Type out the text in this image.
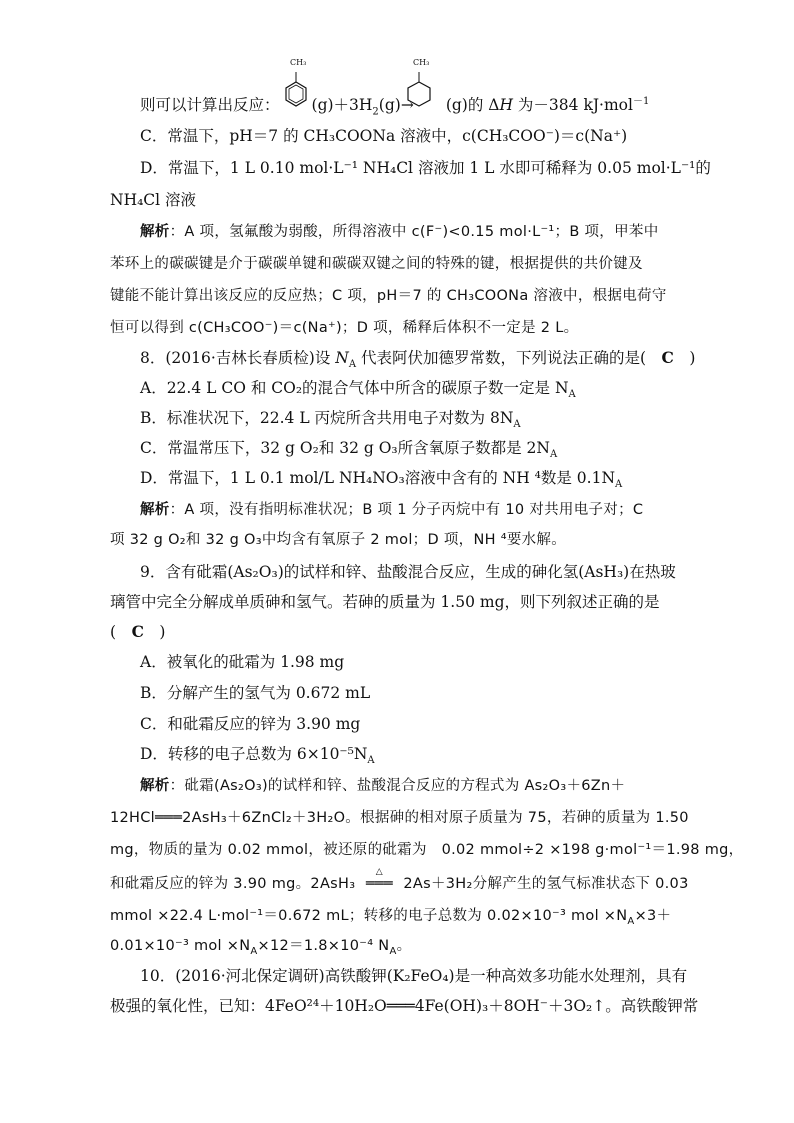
CH₃	CH₃
则可以计算出反应： $(g)+3H_2(g)\to (g)$的 ΔH 为－384 kJ·mol$^{-1}$
C．常温下，pH＝7 的 CH₃COONa 溶液中，c(CH₃COO⁻)＝c(Na⁺)
D．常温下，1 L 0.10 mol·L⁻¹ NH₄Cl 溶液加 1 L 水即可稀释为 0.05 mol·L⁻¹的
NH₄Cl 溶液
解析：A 项，氢氟酸为弱酸，所得溶液中 c(F⁻)<0.15 mol·L⁻¹；B 项，甲苯中
苯环上的碳碳键是介于碳碳单键和碳碳双键之间的特殊的键，根据提供的共价键及
键能不能计算出该反应的反应热；C 项，pH＝7 的 CH₃COONa 溶液中，根据电荷守
恒可以得到 c(CH₃COO⁻)＝c(Na⁺)；D 项，稀释后体积不一定是 2 L。
8．(2016·吉林长春质检)设 $N_A$ 代表阿伏加德罗常数，下列说法正确的是(　C　)
A．22.4 L CO 和 CO₂的混合气体中所含的碳原子数一定是 $N_A$
B．标准状况下，22.4 L 丙烷所含共用电子对数为 $8N_A$
C．常温常压下，32 g O₂和 32 g O₃所含氧原子数都是 $2N_A$
D．常温下，1 L 0.1 mol/L NH₄NO₃溶液中含有的 NH ⁴数是 $0.1N_A$
解析：A 项，没有指明标准状况；B 项 1 分子丙烷中有 10 对共用电子对；C
项 32 g O₂和 32 g O₃中均含有氧原子 2 mol；D 项，NH ⁴要水解。
9．含有砒霜(As₂O₃)的试样和锌、盐酸混合反应，生成的砷化氢(AsH₃)在热玻
璃管中完全分解成单质砷和氢气。若砷的质量为 1.50 mg，则下列叙述正确的是
(　C　)
A．被氧化的砒霜为 1.98 mg
B．分解产生的氢气为 0.672 mL
C．和砒霜反应的锌为 3.90 mg
D．转移的电子总数为 $6\times 10^{-5}N_A$
解析：砒霜(As₂O₃)的试样和锌、盐酸混合反应的方程式为 As₂O₃＋6Zn＋
12HCl═══2AsH₃＋6ZnCl₂＋3H₂O。根据砷的相对原子质量为 75，若砷的质量为 1.50
mg，物质的量为 0.02 mmol，被还原的砒霜为　0.02 mmol÷2 ×198 g·mol⁻¹＝1.98 mg，
和砒霜反应的锌为 3.90 mg。2AsH₃
△
═══ 2As＋3H₂分解产生的氢气标准状态下 0.03
mmol ×22.4 L·mol⁻¹＝0.672 mL；转移的电子总数为 0.02×10⁻³ mol $\times N_A\times 3+$
0.01×10⁻³ mol $\times N_A\times 12=1.8\times 10^{-4}$ $N_A$。
10．(2016·河北保定调研)高铁酸钾(K₂FeO₄)是一种高效多功能水处理剂，具有
极强的氧化性，已知：4FeO²⁴＋10H₂O═══4Fe(OH)₃＋8OH⁻＋3O₂↑。高铁酸钾常
